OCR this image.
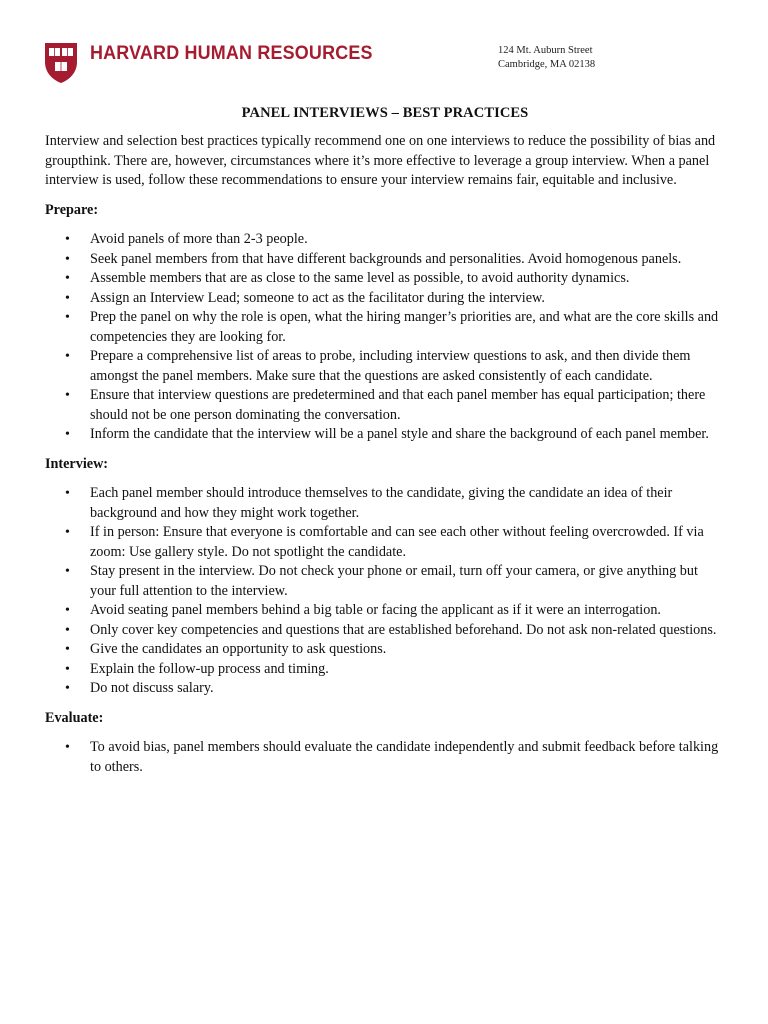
HARVARD HUMAN RESOURCES	124 Mt. Auburn Street
Cambridge, MA 02138
PANEL INTERVIEWS – BEST PRACTICES

Interview and selection best practices typically recommend one on one interviews to reduce the possibility of bias and groupthink. There are, however, circumstances where it’s more effective to leverage a group interview. When a panel interview is used, follow these recommendations to ensure your interview remains fair, equitable and inclusive.

Prepare:
• Avoid panels of more than 2-3 people.
• Seek panel members from that have different backgrounds and personalities. Avoid homogenous panels.
• Assemble members that are as close to the same level as possible, to avoid authority dynamics.
• Assign an Interview Lead; someone to act as the facilitator during the interview.
• Prep the panel on why the role is open, what the hiring manger’s priorities are, and what are the core skills and competencies they are looking for.
• Prepare a comprehensive list of areas to probe, including interview questions to ask, and then divide them amongst the panel members. Make sure that the questions are asked consistently of each candidate.
• Ensure that interview questions are predetermined and that each panel member has equal participation; there should not be one person dominating the conversation.
• Inform the candidate that the interview will be a panel style and share the background of each panel member.
Interview:
• Each panel member should introduce themselves to the candidate, giving the candidate an idea of their background and how they might work together.
• If in person: Ensure that everyone is comfortable and can see each other without feeling overcrowded. If via zoom: Use gallery style. Do not spotlight the candidate.
• Stay present in the interview. Do not check your phone or email, turn off your camera, or give anything but your full attention to the interview.
• Avoid seating panel members behind a big table or facing the applicant as if it were an interrogation.
• Only cover key competencies and questions that are established beforehand. Do not ask non-related questions.
• Give the candidates an opportunity to ask questions.
• Explain the follow-up process and timing.
• Do not discuss salary.
Evaluate:
• To avoid bias, panel members should evaluate the candidate independently and submit feedback before talking to others.
